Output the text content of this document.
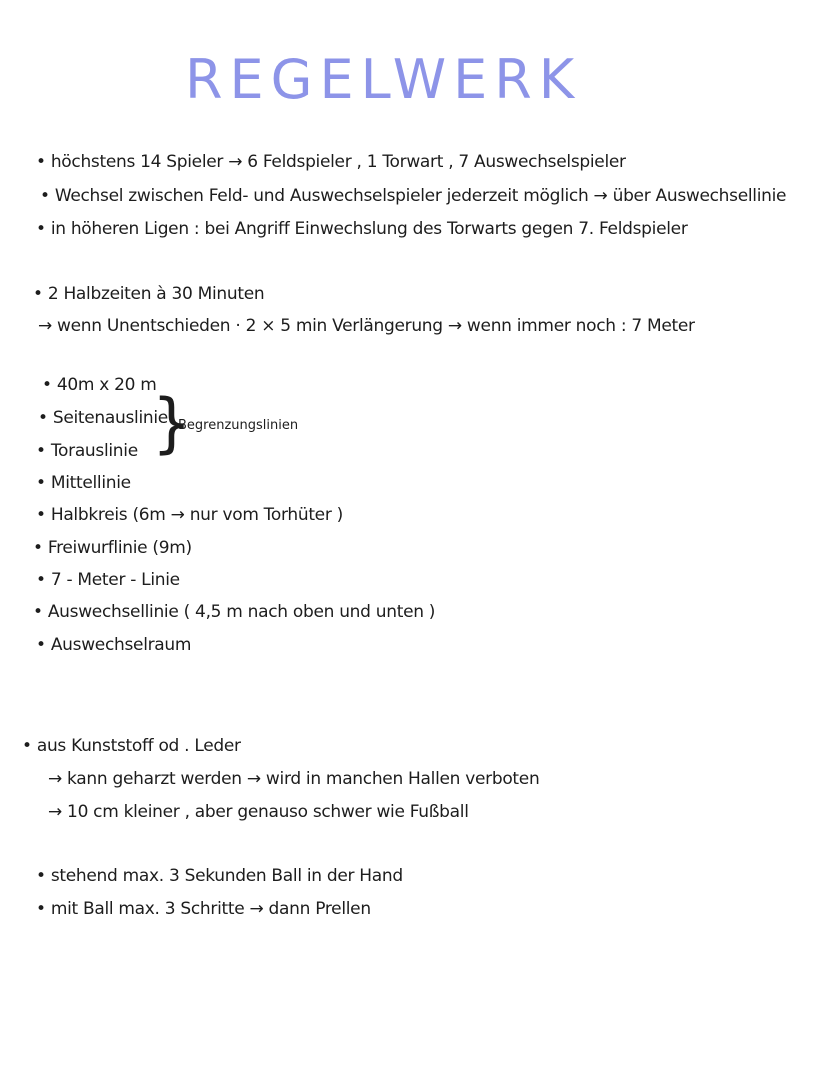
REGELWERK
• höchstens 14 Spieler → 6 Feldspieler , 1 Torwart , 7 Auswechselspieler
• Wechsel zwischen Feld- und Auswechselspieler jederzeit möglich → über Auswechsellinie
• in höheren Ligen : bei Angriff Einwechslung des Torwarts gegen 7. Feldspieler
• 2 Halbzeiten à 30 Minuten
→ wenn Unentschieden · 2 × 5 min Verlängerung → wenn immer noch : 7 Meter
• 40m x 20 m
• Seitenauslinie
• Torauslinie
• Mittellinie
• Halbkreis (6m → nur vom Torhüter )
• Freiwurflinie (9m)
• 7 - Meter - Linie
• Auswechsellinie ( 4,5 m nach oben und unten )
• Auswechselraum
}
Begrenzungslinien
• aus Kunststoff od . Leder
→ kann geharzt werden → wird in manchen Hallen verboten
→ 10 cm kleiner , aber genauso schwer wie Fußball
• stehend max. 3 Sekunden Ball in der Hand
• mit Ball max. 3 Schritte → dann Prellen
